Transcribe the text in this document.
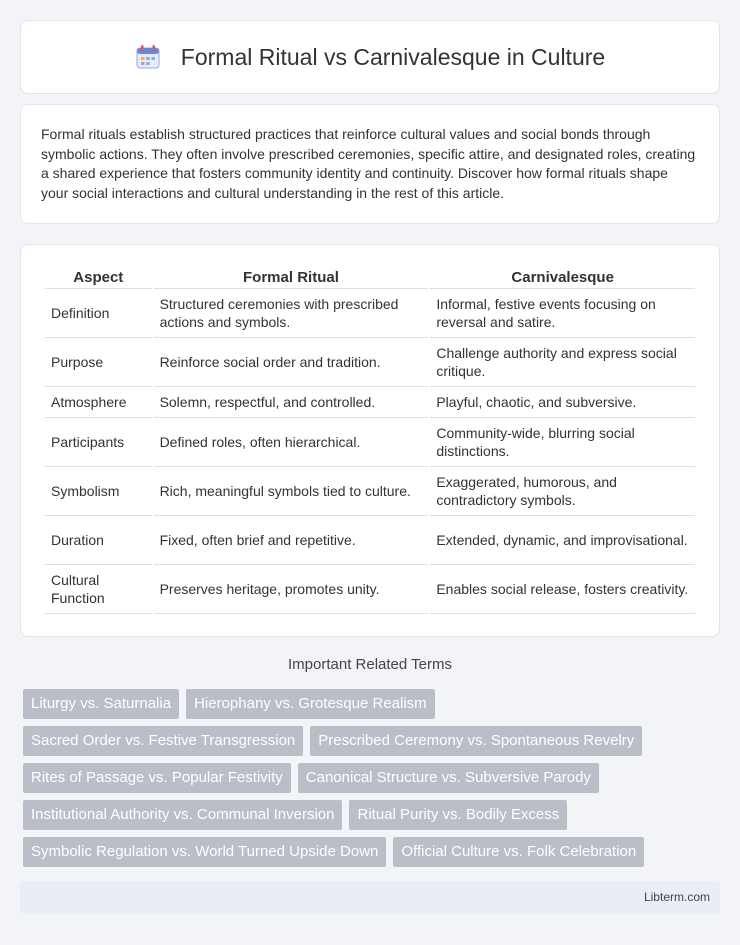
Formal Ritual vs Carnivalesque in Culture

Formal rituals establish structured practices that reinforce cultural values and social bonds through symbolic actions. They often involve prescribed ceremonies, specific attire, and designated roles, creating a shared experience that fosters community identity and continuity. Discover how formal rituals shape your social interactions and cultural understanding in the rest of this article.

Aspect	Formal Ritual	Carnivalesque
Definition	Structured ceremonies with prescribed actions and symbols.	Informal, festive events focusing on reversal and satire.
Purpose	Reinforce social order and tradition.	Challenge authority and express social critique.
Atmosphere	Solemn, respectful, and controlled.	Playful, chaotic, and subversive.
Participants	Defined roles, often hierarchical.	Community-wide, blurring social distinctions.
Symbolism	Rich, meaningful symbols tied to culture.	Exaggerated, humorous, and contradictory symbols.
Duration	Fixed, often brief and repetitive.	Extended, dynamic, and improvisational.
Cultural Function	Preserves heritage, promotes unity.	Enables social release, fosters creativity.
Important Related Terms
Liturgy vs. Saturnalia	Hierophany vs. Grotesque Realism
Sacred Order vs. Festive Transgression	Prescribed Ceremony vs. Spontaneous Revelry
Rites of Passage vs. Popular Festivity	Canonical Structure vs. Subversive Parody
Institutional Authority vs. Communal Inversion	Ritual Purity vs. Bodily Excess
Symbolic Regulation vs. World Turned Upside Down	Official Culture vs. Folk Celebration
Libterm.com
